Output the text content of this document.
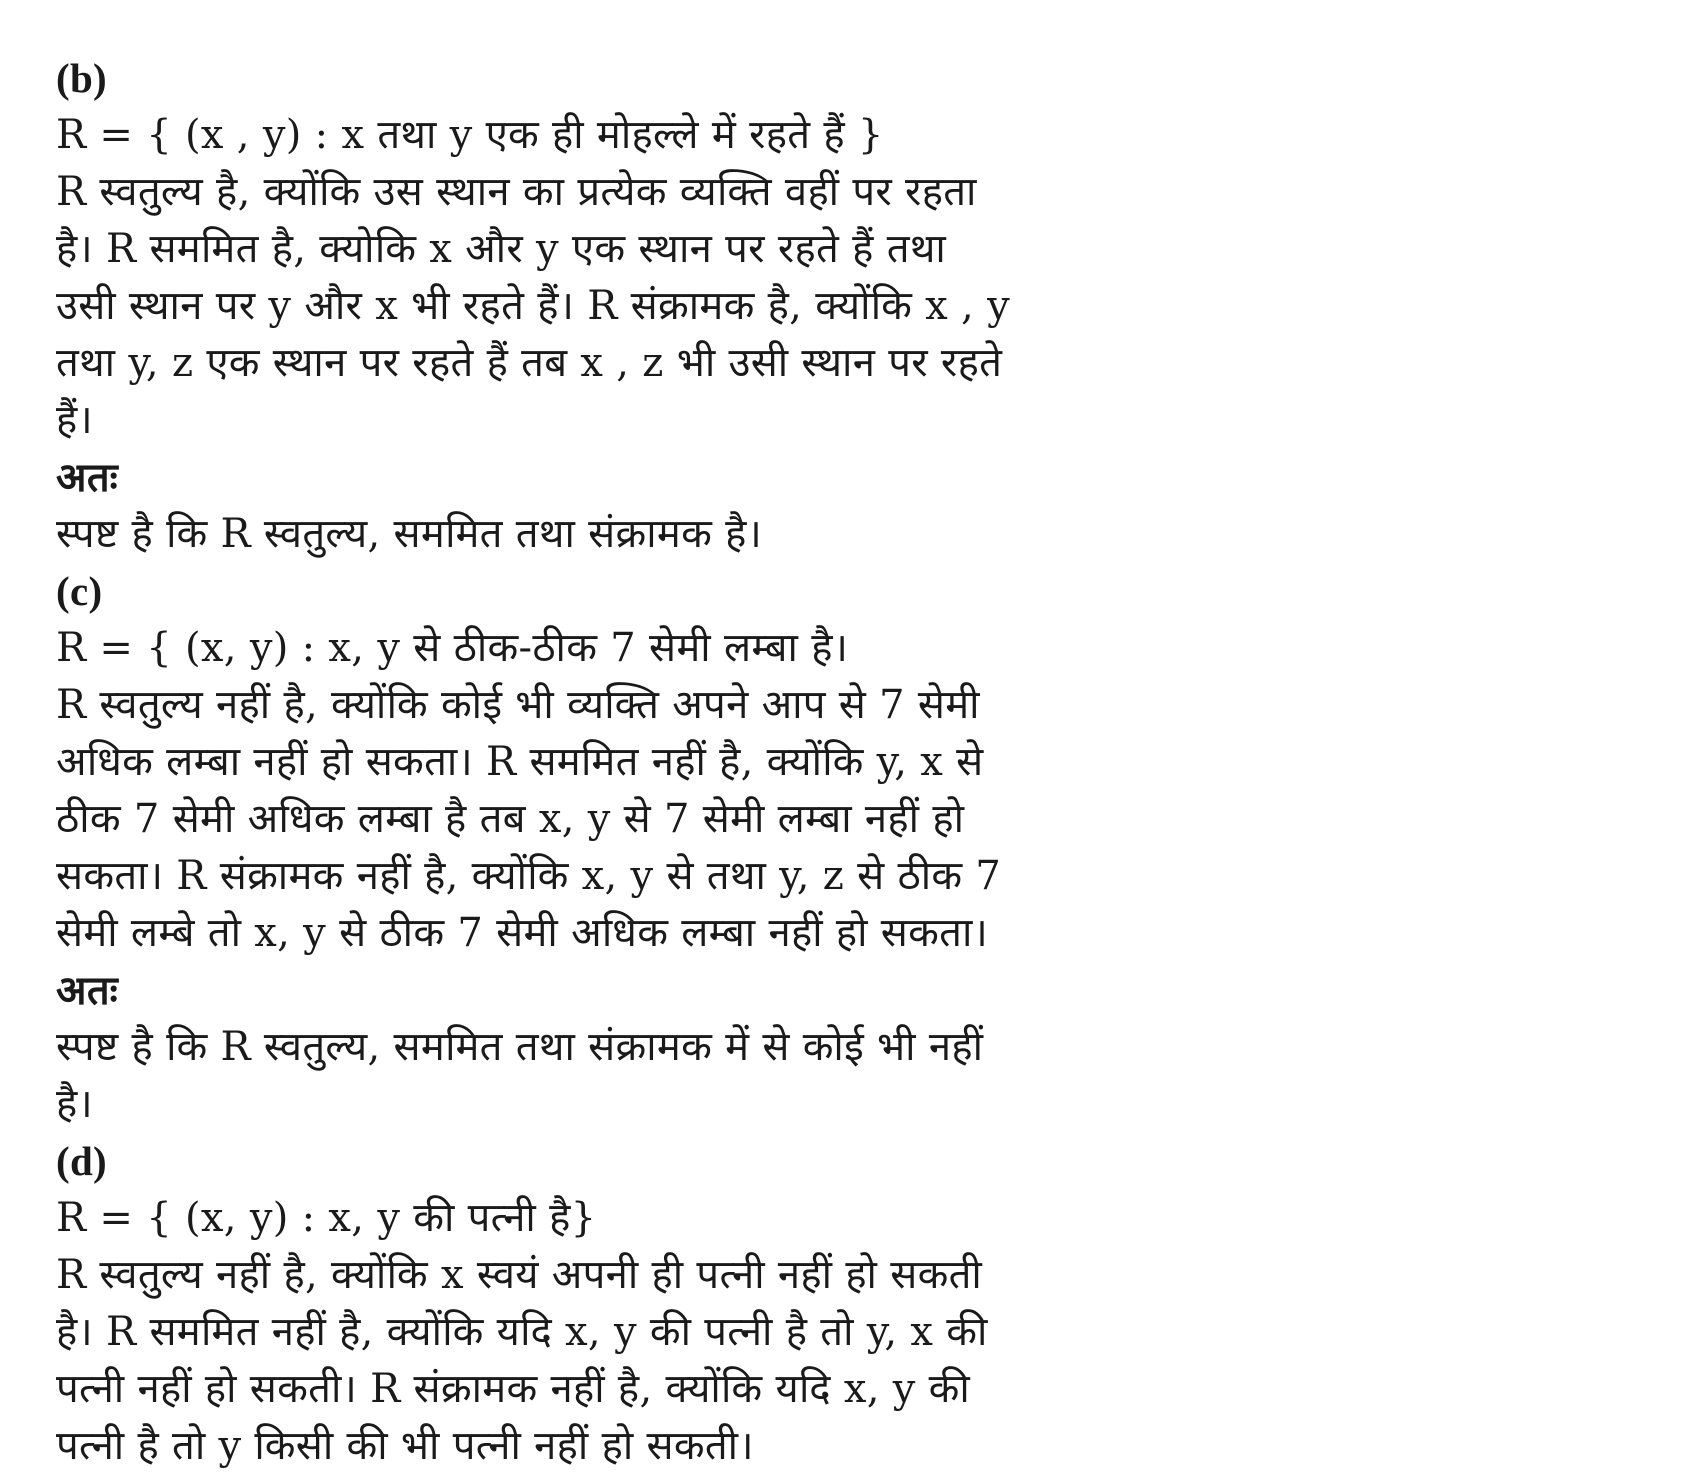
(b)
R = { (x , y) : x तथा y एक ही मोहल्ले में रहते हैं }
R स्वतुल्य है, क्योंकि उस स्थान का प्रत्येक व्यक्ति वहीं पर रहता
है। R सममित है, क्योकि x और y एक स्थान पर रहते हैं तथा
उसी स्थान पर y और x भी रहते हैं। R संक्रामक है, क्योंकि x , y
तथा y, z एक स्थान पर रहते हैं तब x , z भी उसी स्थान पर रहते
हैं।
अतः
स्पष्ट है कि R स्वतुल्य, सममित तथा संक्रामक है।
(c)
R = { (x, y) : x, y से ठीक-ठीक 7 सेमी लम्बा है।
R स्वतुल्य नहीं है, क्योंकि कोई भी व्यक्ति अपने आप से 7 सेमी
अधिक लम्बा नहीं हो सकता। R सममित नहीं है, क्योंकि y, x से
ठीक 7 सेमी अधिक लम्बा है तब x, y से 7 सेमी लम्बा नहीं हो
सकता। R संक्रामक नहीं है, क्योंकि x, y से तथा y, z से ठीक 7
सेमी लम्बे तो x, y से ठीक 7 सेमी अधिक लम्बा नहीं हो सकता।
अतः
स्पष्ट है कि R स्वतुल्य, सममित तथा संक्रामक में से कोई भी नहीं
है।
(d)
R = { (x, y) : x, y की पत्नी है}
R स्वतुल्य नहीं है, क्योंकि x स्वयं अपनी ही पत्नी नहीं हो सकती
है। R सममित नहीं है, क्योंकि यदि x, y की पत्नी है तो y, x की
पत्नी नहीं हो सकती। R संक्रामक नहीं है, क्योंकि यदि x, y की
पत्नी है तो y किसी की भी पत्नी नहीं हो सकती।
